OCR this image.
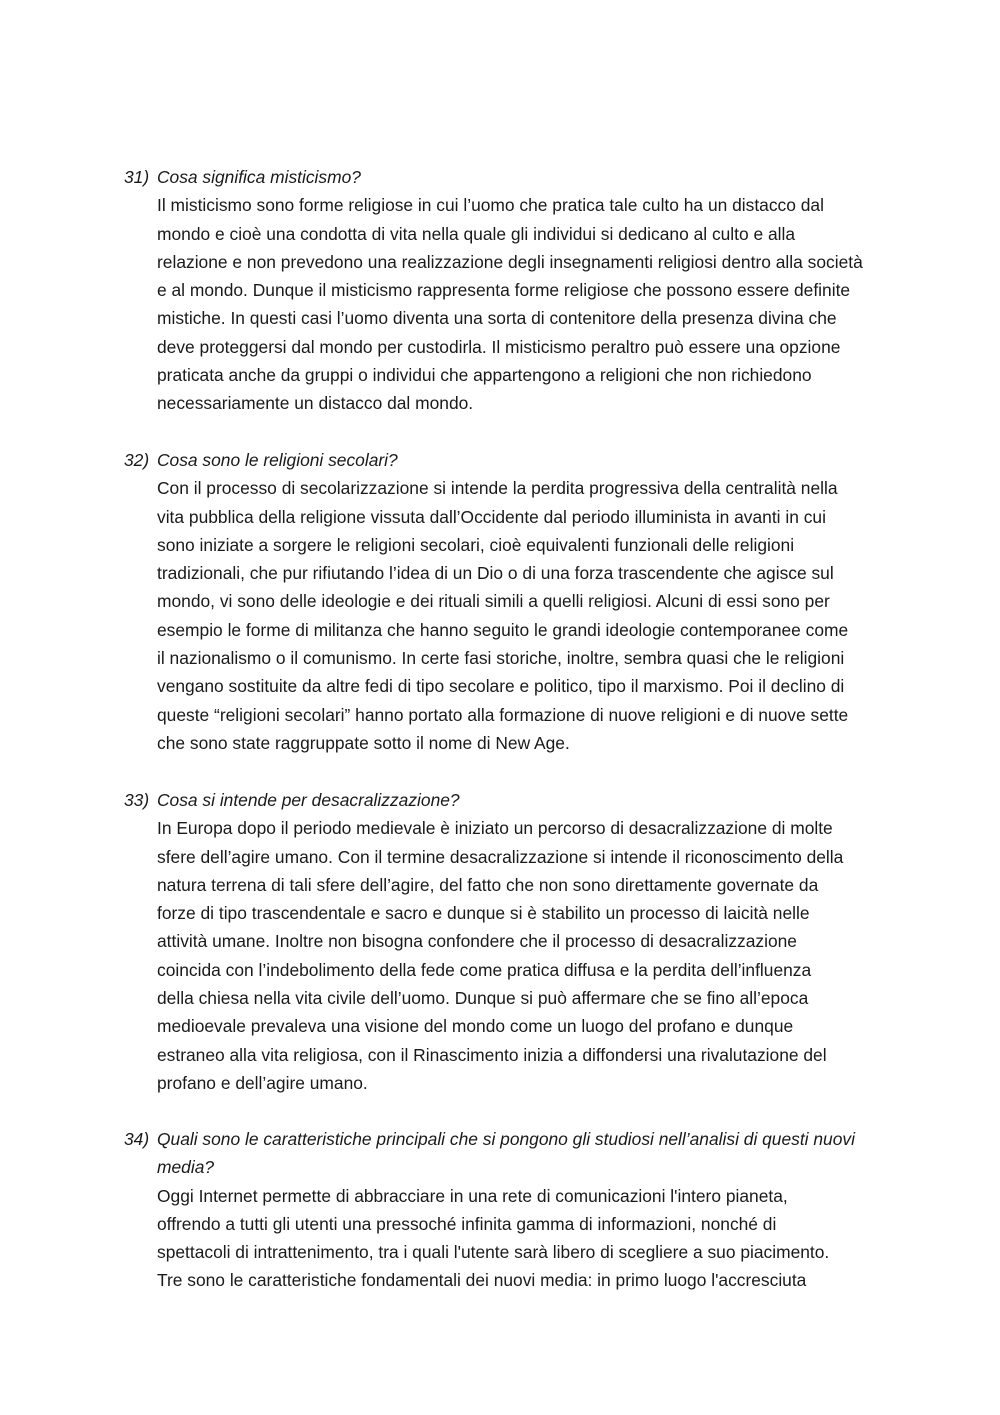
31) Cosa significa misticismo?

Il misticismo sono forme religiose in cui l’uomo che pratica tale culto ha un distacco dal
mondo e cioè una condotta di vita nella quale gli individui si dedicano al culto e alla
relazione e non prevedono una realizzazione degli insegnamenti religiosi dentro alla società
e al mondo. Dunque il misticismo rappresenta forme religiose che possono essere definite
mistiche. In questi casi l’uomo diventa una sorta di contenitore della presenza divina che
deve proteggersi dal mondo per custodirla. Il misticismo peraltro può essere una opzione
praticata anche da gruppi o individui che appartengono a religioni che non richiedono
necessariamente un distacco dal mondo.

32) Cosa sono le religioni secolari?

Con il processo di secolarizzazione si intende la perdita progressiva della centralità nella
vita pubblica della religione vissuta dall’Occidente dal periodo illuminista in avanti in cui
sono iniziate a sorgere le religioni secolari, cioè equivalenti funzionali delle religioni
tradizionali, che pur rifiutando l’idea di un Dio o di una forza trascendente che agisce sul
mondo, vi sono delle ideologie e dei rituali simili a quelli religiosi. Alcuni di essi sono per
esempio le forme di militanza che hanno seguito le grandi ideologie contemporanee come
il nazionalismo o il comunismo. In certe fasi storiche, inoltre, sembra quasi che le religioni
vengano sostituite da altre fedi di tipo secolare e politico, tipo il marxismo. Poi il declino di
queste “religioni secolari” hanno portato alla formazione di nuove religioni e di nuove sette
che sono state raggruppate sotto il nome di New Age.

33) Cosa si intende per desacralizzazione?

In Europa dopo il periodo medievale è iniziato un percorso di desacralizzazione di molte
sfere dell’agire umano. Con il termine desacralizzazione si intende il riconoscimento della
natura terrena di tali sfere dell’agire, del fatto che non sono direttamente governate da
forze di tipo trascendentale e sacro e dunque si è stabilito un processo di laicità nelle
attività umane. Inoltre non bisogna confondere che il processo di desacralizzazione
coincida con l’indebolimento della fede come pratica diffusa e la perdita dell’influenza
della chiesa nella vita civile dell’uomo. Dunque si può affermare che se fino all’epoca
medioevale prevaleva una visione del mondo come un luogo del profano e dunque
estraneo alla vita religiosa, con il Rinascimento inizia a diffondersi una rivalutazione del
profano e dell’agire umano.

34) Quali sono le caratteristiche principali che si pongono gli studiosi nell’analisi di questi nuovi media?

Oggi Internet permette di abbracciare in una rete di comunicazioni l'intero pianeta,
offrendo a tutti gli utenti una pressoché infinita gamma di informazioni, nonché di
spettacoli di intrattenimento, tra i quali l'utente sarà libero di scegliere a suo piacimento.
Tre sono le caratteristiche fondamentali dei nuovi media: in primo luogo l'accresciuta
